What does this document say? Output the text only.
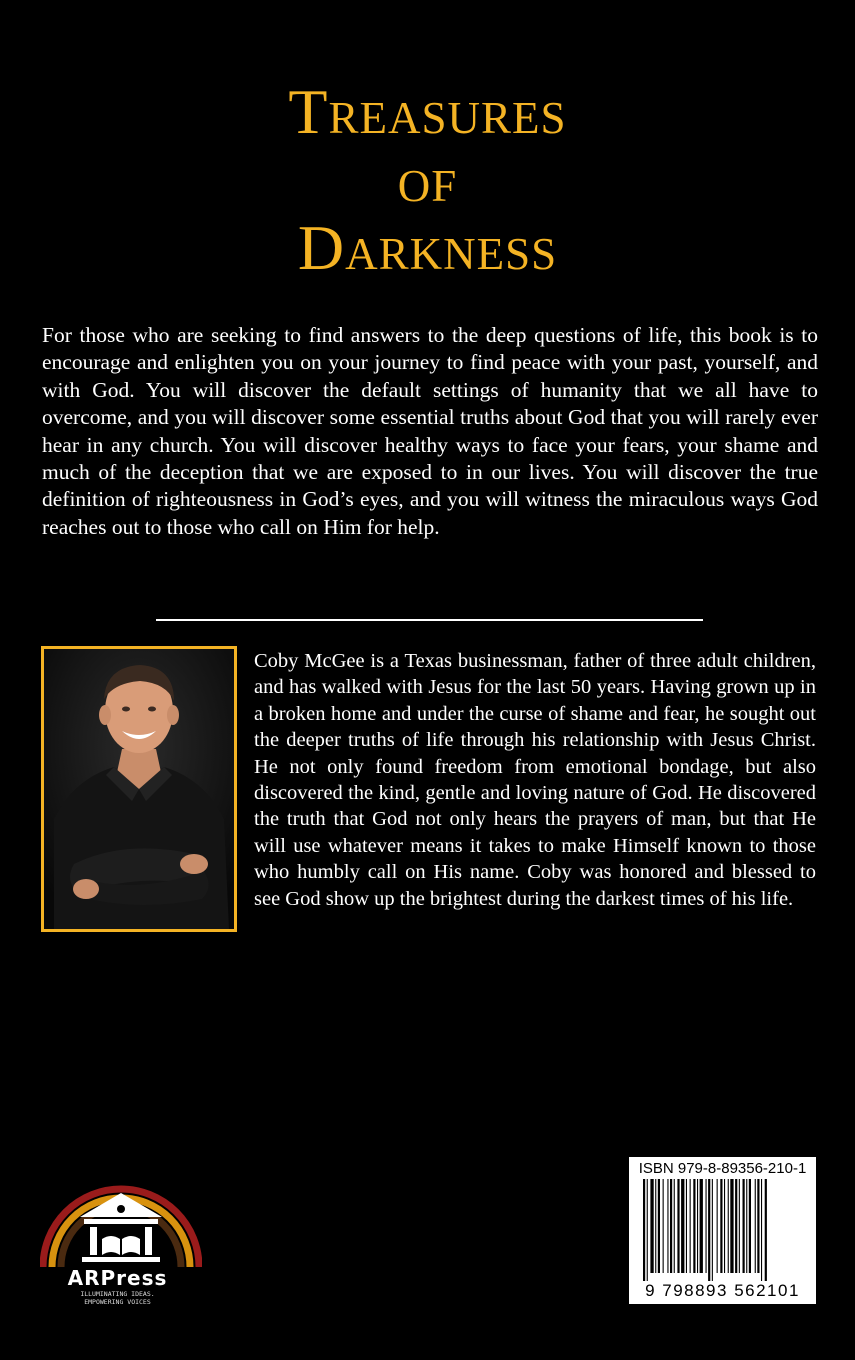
Treasures
of
Darkness
For those who are seeking to find answers to the deep questions of life, this book is to encourage and enlighten you on your journey to find peace with your past, yourself, and with God. You will discover the default settings of humanity that we all have to overcome, and you will discover some essential truths about God that you will rarely ever hear in any church. You will discover healthy ways to face your fears, your shame and much of the deception that we are exposed to in our lives. You will discover the true definition of righteousness in God’s eyes, and you will witness the miraculous ways God reaches out to those who call on Him for help.
Coby McGee is a Texas businessman, father of three adult children, and has walked with Jesus for the last 50 years. Having grown up in a broken home and under the curse of shame and fear, he sought out the deeper truths of life through his relationship with Jesus Christ. He not only found freedom from emotional bondage, but also discovered the kind, gentle and loving nature of God. He discovered the truth that God not only hears the prayers of man, but that He will use whatever means it takes to make Himself known to those who humbly call on His name. Coby was honored and blessed to see God show up the brightest during the darkest times of his life.
ARPress
ILLUMINATING IDEAS.
EMPOWERING VOICES
ISBN 979-8-89356-210-1
9 798893 562101
